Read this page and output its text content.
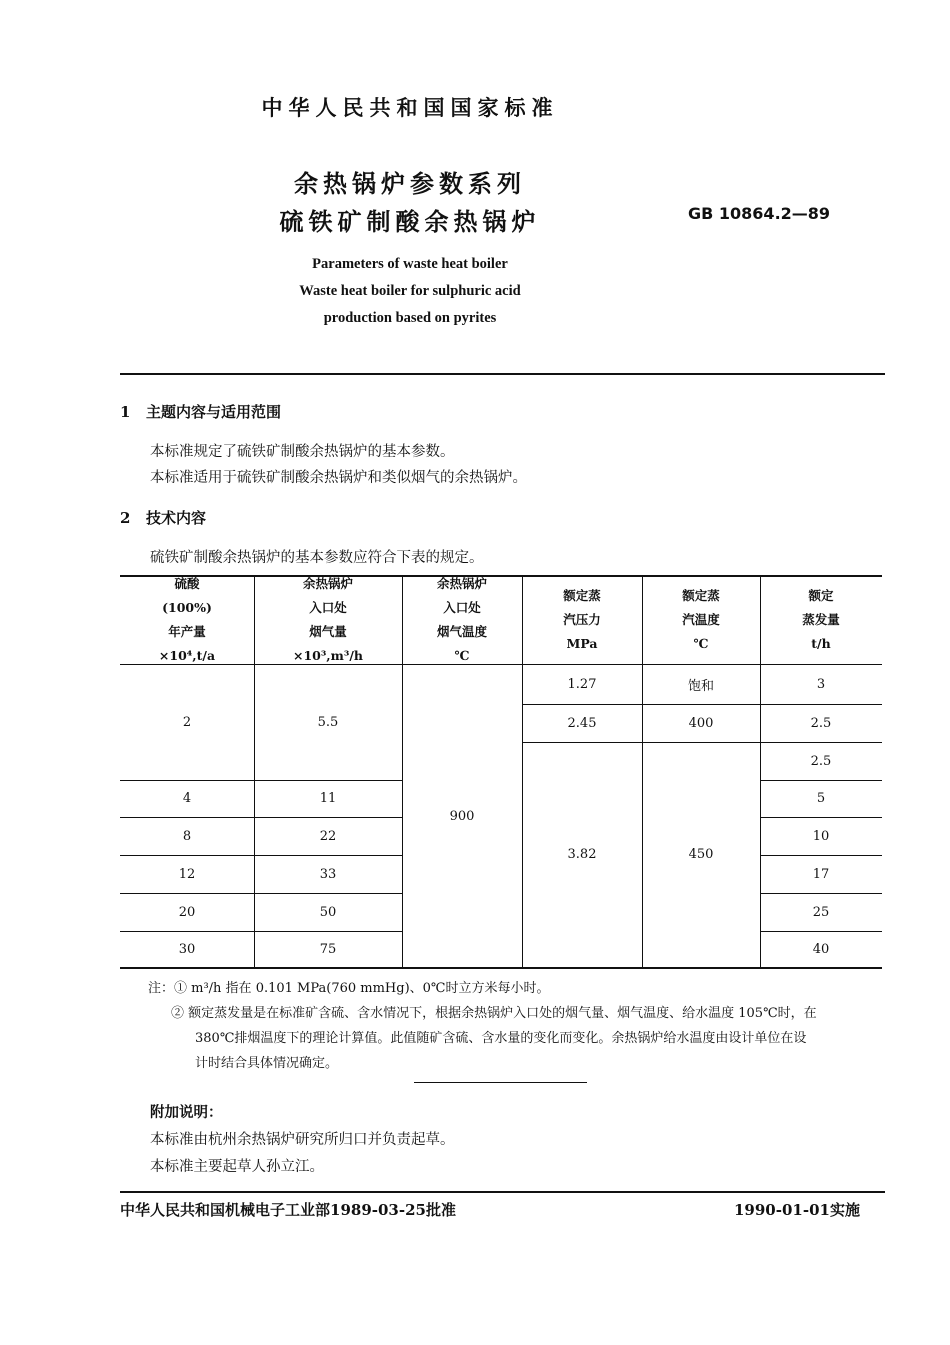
中华人民共和国国家标准
余热锅炉参数系列
硫铁矿制酸余热锅炉	GB 10864.2—89
Parameters of waste heat boiler
Waste heat boiler for sulphuric acid
production based on pyrites
1 主题内容与适用范围
本标准规定了硫铁矿制酸余热锅炉的基本参数。
本标准适用于硫铁矿制酸余热锅炉和类似烟气的余热锅炉。
2 技术内容
硫铁矿制酸余热锅炉的基本参数应符合下表的规定。
硫酸
(100%)
年产量
×10⁴,t/a
余热锅炉
入口处
烟气量
×10³,m³/h
余热锅炉
入口处
烟气温度
℃
额定蒸
汽压力
MPa
额定蒸
汽温度
℃
额定
蒸发量
t/h
2
4
8
12
20
30
5.5
11
22
33
50
75
900
1.27
2.45
3.82
饱和
400
450
3
2.5
2.5
5
10
17
25
40
注：① m³/h 指在 0.101 MPa(760 mmHg)、0℃时立方米每小时。
② 额定蒸发量是在标准矿含硫、含水情况下，根据余热锅炉入口处的烟气量、烟气温度、给水温度 105℃时，在
380℃排烟温度下的理论计算值。此值随矿含硫、含水量的变化而变化。余热锅炉给水温度由设计单位在设
计时结合具体情况确定。
附加说明：
本标准由杭州余热锅炉研究所归口并负责起草。
本标准主要起草人孙立江。
中华人民共和国机械电子工业部1989-03-25批准	1990-01-01实施
